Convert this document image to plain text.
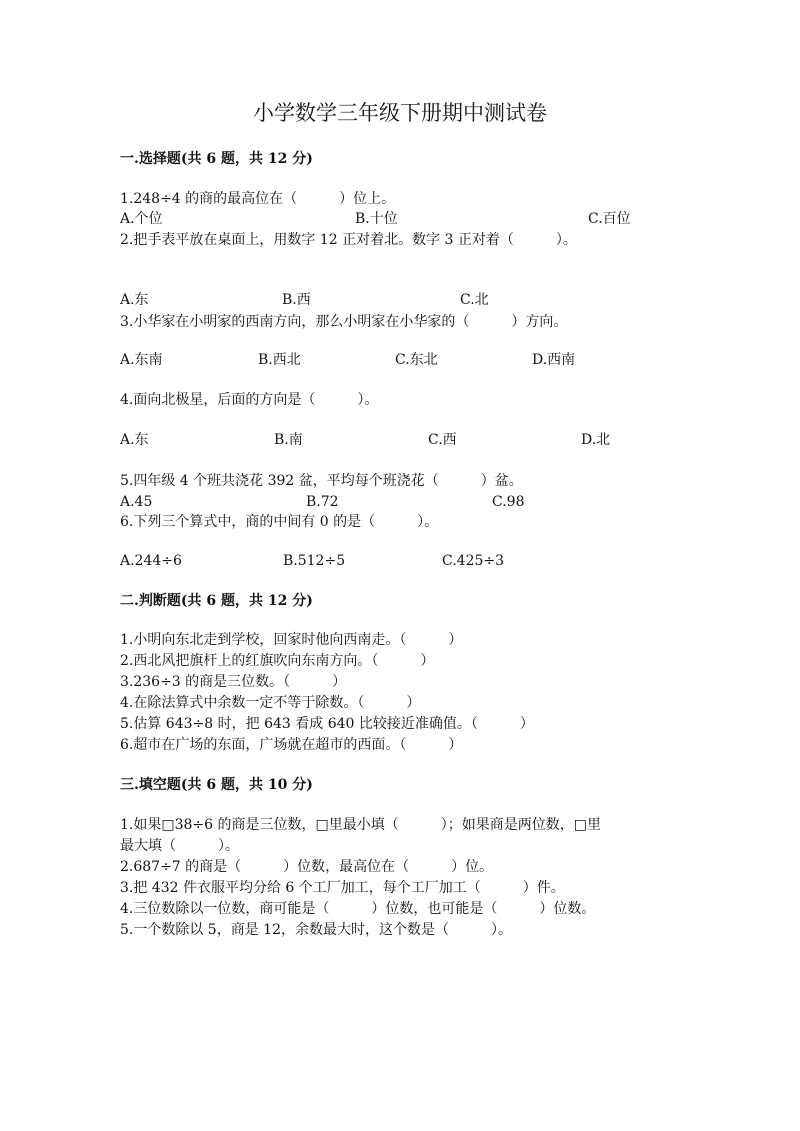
小学数学三年级下册期中测试卷
一.选择题(共 6 题，共 12 分)
1.248÷4 的商的最高位在（　　　）位上。
A.个位	B.十位	C.百位
2.把手表平放在桌面上，用数字 12 正对着北。数字 3 正对着（　　　）。
A.东	B.西	C.北
3.小华家在小明家的西南方向，那么小明家在小华家的（　　　）方向。
A.东南	B.西北	C.东北	D.西南
4.面向北极星，后面的方向是（　　　）。
A.东	B.南	C.西	D.北
5.四年级 4 个班共浇花 392 盆，平均每个班浇花（　　　）盆。
A.45	B.72	C.98
6.下列三个算式中，商的中间有 0 的是（　　　）。
A.244÷6	B.512÷5	C.425÷3
二.判断题(共 6 题，共 12 分)
1.小明向东北走到学校，回家时他向西南走。（　　　）
2.西北风把旗杆上的红旗吹向东南方向。（　　　）
3.236÷3 的商是三位数。（　　　）
4.在除法算式中余数一定不等于除数。（　　　）
5.估算 643÷8 时，把 643 看成 640 比较接近准确值。（　　　）
6.超市在广场的东面，广场就在超市的西面。（　　　）
三.填空题(共 6 题，共 10 分)
1.如果□38÷6 的商是三位数，□里最小填（　　　）；如果商是两位数，□里
最大填（　　　）。
2.687÷7 的商是（　　　）位数，最高位在（　　　）位。
3.把 432 件衣服平均分给 6 个工厂加工，每个工厂加工（　　　）件。
4.三位数除以一位数，商可能是（　　　）位数，也可能是（　　　）位数。
5.一个数除以 5，商是 12，余数最大时，这个数是（　　　）。
